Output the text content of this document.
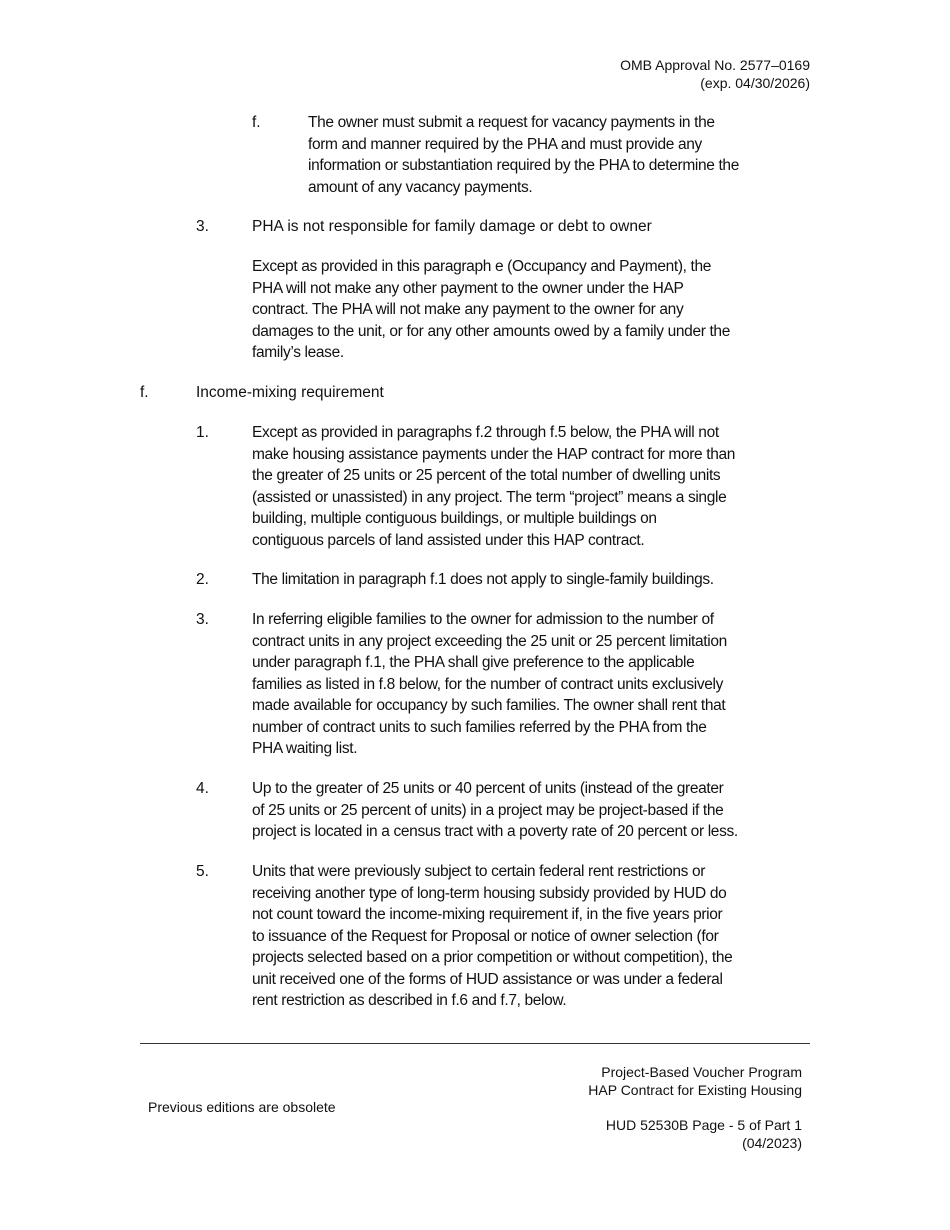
OMB Approval No. 2577–0169
(exp. 04/30/2026)
f.	The owner must submit a request for vacancy payments in the
form and manner required by the PHA and must provide any
information or substantiation required by the PHA to determine the
amount of any vacancy payments.
3.	PHA is not responsible for family damage or debt to owner
Except as provided in this paragraph e (Occupancy and Payment), the
PHA will not make any other payment to the owner under the HAP
contract. The PHA will not make any payment to the owner for any
damages to the unit, or for any other amounts owed by a family under the
family’s lease.
f.	Income-mixing requirement
1.	Except as provided in paragraphs f.2 through f.5 below, the PHA will not
make housing assistance payments under the HAP contract for more than
the greater of 25 units or 25 percent of the total number of dwelling units
(assisted or unassisted) in any project. The term “project” means a single
building, multiple contiguous buildings, or multiple buildings on
contiguous parcels of land assisted under this HAP contract.
2.	The limitation in paragraph f.1 does not apply to single-family buildings.
3.	In referring eligible families to the owner for admission to the number of
contract units in any project exceeding the 25 unit or 25 percent limitation
under paragraph f.1, the PHA shall give preference to the applicable
families as listed in f.8 below, for the number of contract units exclusively
made available for occupancy by such families. The owner shall rent that
number of contract units to such families referred by the PHA from the
PHA waiting list.
4.	Up to the greater of 25 units or 40 percent of units (instead of the greater
of 25 units or 25 percent of units) in a project may be project-based if the
project is located in a census tract with a poverty rate of 20 percent or less.
5.	Units that were previously subject to certain federal rent restrictions or
receiving another type of long-term housing subsidy provided by HUD do
not count toward the income-mixing requirement if, in the five years prior
to issuance of the Request for Proposal or notice of owner selection (for
projects selected based on a prior competition or without competition), the
unit received one of the forms of HUD assistance or was under a federal
rent restriction as described in f.6 and f.7, below.
Project-Based Voucher Program
HAP Contract for Existing Housing
Previous editions are obsolete
HUD 52530B Page - 5 of Part 1
(04/2023)
